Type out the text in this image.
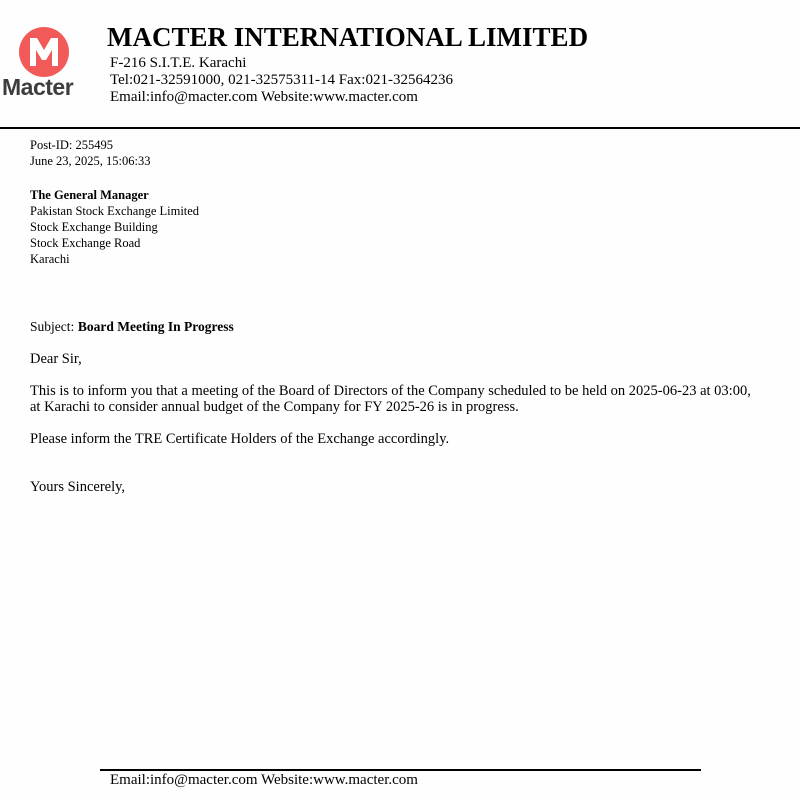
Macter
MACTER INTERNATIONAL LIMITED
F-216 S.I.T.E. Karachi
Tel:021-32591000, 021-32575311-14 Fax:021-32564236
Email:info@macter.com Website:www.macter.com
Post-ID: 255495
June 23, 2025, 15:06:33
The General Manager
Pakistan Stock Exchange Limited
Stock Exchange Building
Stock Exchange Road
Karachi
Subject: Board Meeting In Progress
Dear Sir,
This is to inform you that a meeting of the Board of Directors of the Company scheduled to be held on 2025-06-23 at 03:00, at Karachi to consider annual budget of the Company for FY 2025-26 is in progress.
Please inform the TRE Certificate Holders of the Exchange accordingly.
Yours Sincerely,
Email:info@macter.com Website:www.macter.com
